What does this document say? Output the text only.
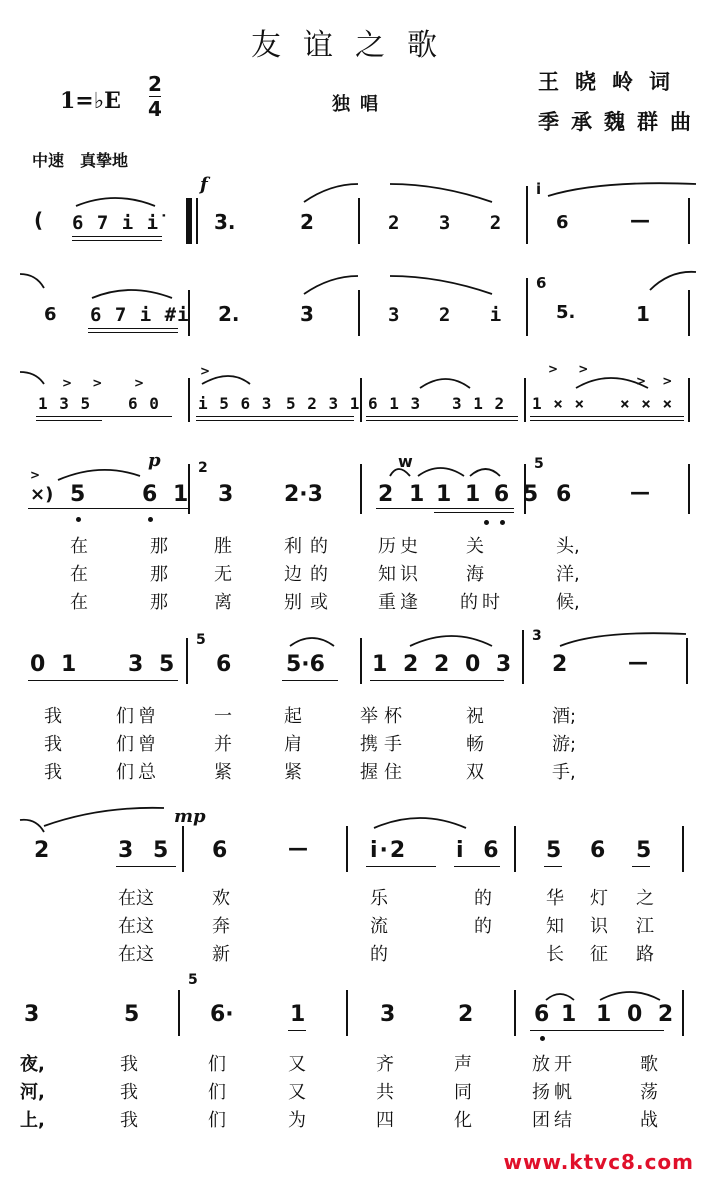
友谊之歌
1=♭E
2
4	独唱
王晓岭词
季承魏群曲
中速　真挚地
( 6 7 i i̇
f
3.	2	2 3 2
i
6	—
6 6 7 i #i 2.	3	3 2 i
6
5.	1
> > >
1 3 5 6 0
>
i 5 6 3 5 2 3 1 6 1 3 3 1 2
> >
> >
1 × × × × ×
>
×) 5
p
6 1
2
3 2·3
w
2 1 1 1 6 5
5
6	—
在	那	胜	利的 历史 关	头,
在	那	无	边的 知识 海	洋,
在	那	离	别或 重逢 的时	候,
0 1 3 5
5
6 5·6 1 2 2 0 3
3
2	—
我	们曾	一	起	举杯	祝	酒;
我	们曾	并	肩	携手	畅	游;
我	们总	紧	紧	握住	双	手,
mp
2	3 5 6	—	i·2 i 6 5 6 5
在这	欢	乐	的	华 灯 之
在这	奔	流	的	知 识 江
在这	新	的	长 征 路
3	5
5
6·	1	3	2	6 1 1 0 2
夜,	我	们	又	齐	声	放开	歌
河,	我	们	又	共	同	扬帆	荡
上,	我	们	为	四	化	团结	战
www.ktvc8.com
